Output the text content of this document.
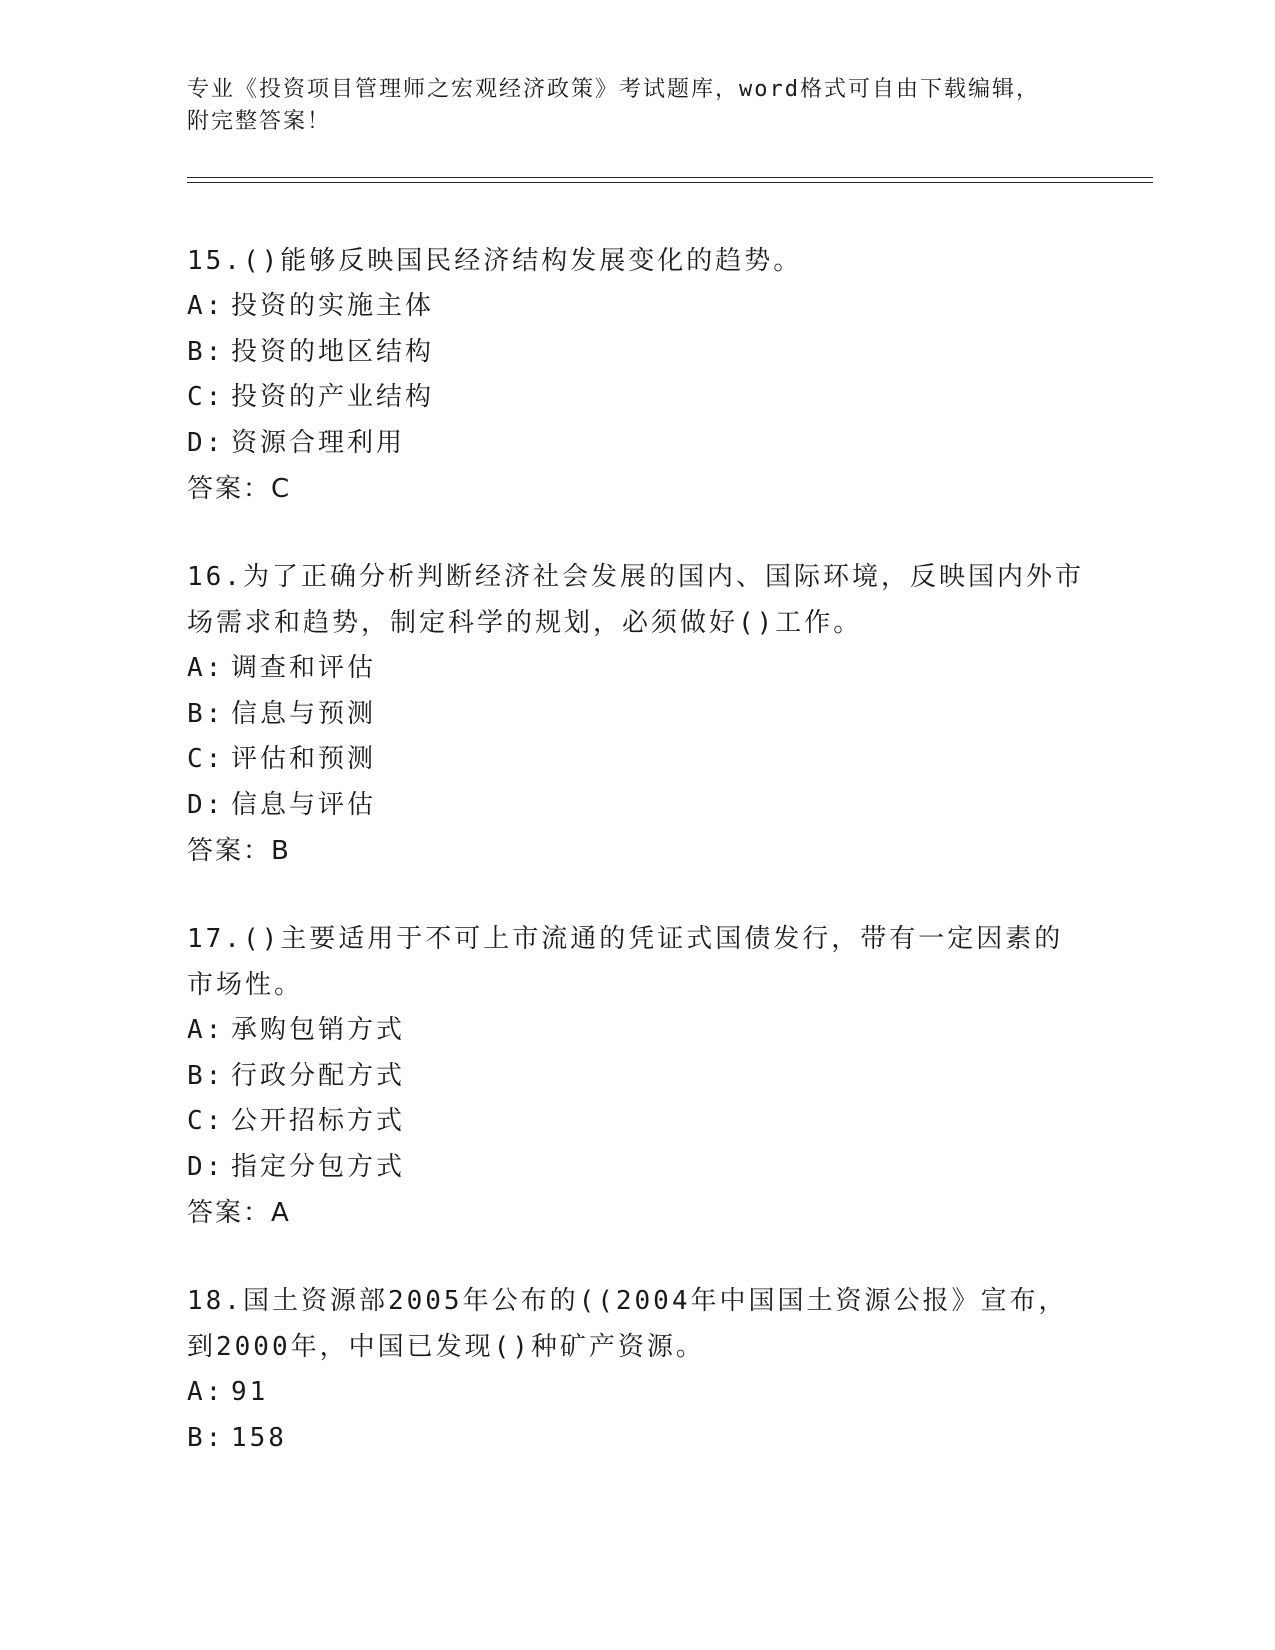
专业《投资项目管理师之宏观经济政策》考试题库，word格式可自由下载编辑，
附完整答案！

15.()能够反映国民经济结构发展变化的趋势。

A: 投资的实施主体

B: 投资的地区结构

C: 投资的产业结构

D: 资源合理利用

答案：C

16.为了正确分析判断经济社会发展的国内、国际环境，反映国内外市场需求和趋势，制定科学的规划，必须做好()工作。

A: 调查和评估

B: 信息与预测

C: 评估和预测

D: 信息与评估

答案：B

17.()主要适用于不可上市流通的凭证式国债发行，带有一定因素的市场性。

A: 承购包销方式

B: 行政分配方式

C: 公开招标方式

D: 指定分包方式

答案：A

18.国土资源部2005年公布的((2004年中国国土资源公报》宣布，到2000年，中国已发现()种矿产资源。

A: 91

B: 158
